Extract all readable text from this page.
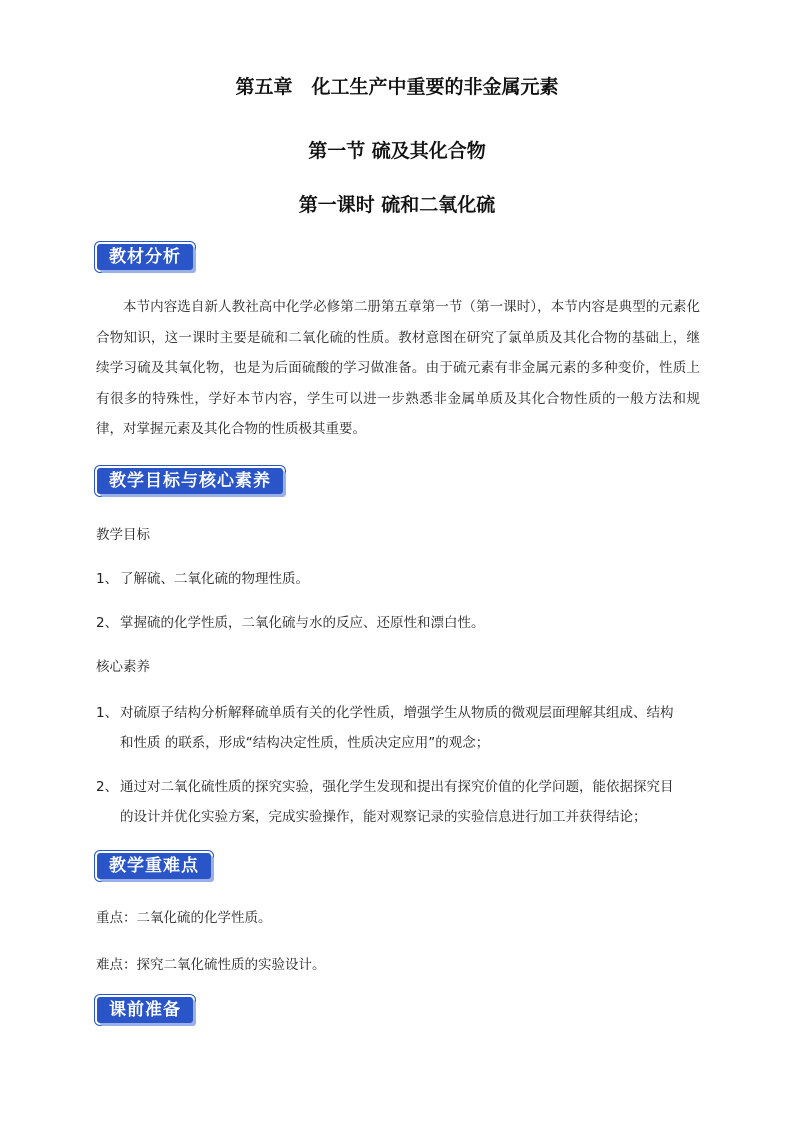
第五章　化工生产中重要的非金属元素
第一节 硫及其化合物
第一课时 硫和二氧化硫
教材分析
本节内容选自新人教社高中化学必修第二册第五章第一节（第一课时），本节内容是典型的元素化合物知识，这一课时主要是硫和二氧化硫的性质。教材意图在研究了氯单质及其化合物的基础上，继续学习硫及其氧化物，也是为后面硫酸的学习做准备。由于硫元素有非金属元素的多种变价，性质上有很多的特殊性，学好本节内容，学生可以进一步熟悉非金属单质及其化合物性质的一般方法和规律，对掌握元素及其化合物的性质极其重要。
教学目标与核心素养
教学目标
1、 了解硫、二氧化硫的物理性质。
2、 掌握硫的化学性质，二氧化硫与水的反应、还原性和漂白性。
核心素养
1、 对硫原子结构分析解释硫单质有关的化学性质，增强学生从物质的微观层面理解其组成、结构
和性质 的联系，形成“结构决定性质，性质决定应用”的观念；
2、 通过对二氧化硫性质的探究实验，强化学生发现和提出有探究价值的化学问题，能依据探究目
的设计并优化实验方案，完成实验操作，能对观察记录的实验信息进行加工并获得结论；
教学重难点
重点：二氧化硫的化学性质。
难点：探究二氧化硫性质的实验设计。
课前准备
